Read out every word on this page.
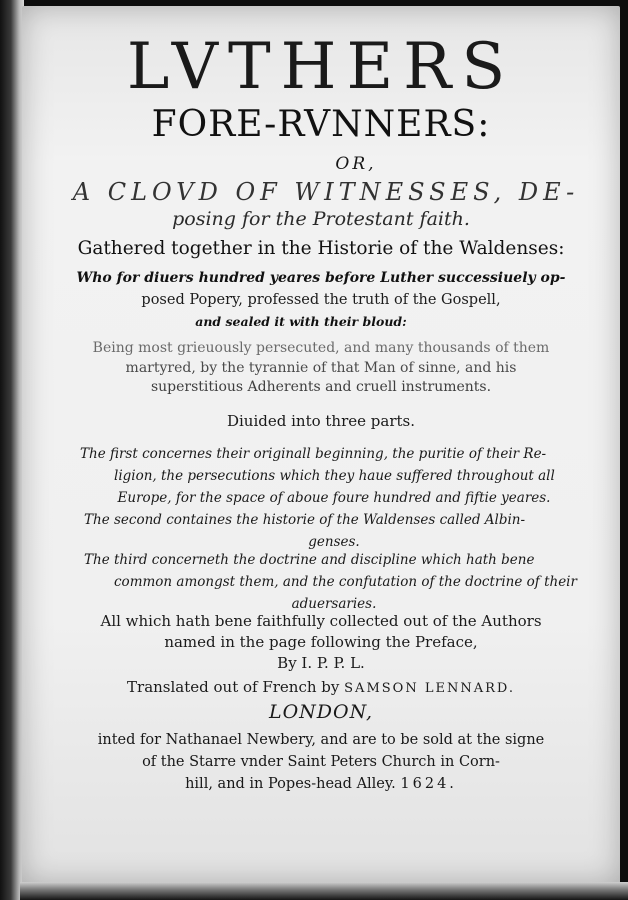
LVTHERS
FORE-RVNNERS:
OR,
A CLOVD OF WITNESSES, DE-
posing for the Protestant faith.
Gathered together in the Historie of the Waldenses:
Who for diuers hundred yeares before Luther successiuely op-
posed Popery, professed the truth of the Gospell,
and sealed it with their bloud:
Being most grieuously persecuted, and many thousands of them
martyred, by the tyrannie of that Man of sinne, and his
superstitious Adherents and cruell instruments.
Diuided into three parts.
The first concernes their originall beginning, the puritie of their Re-
ligion, the persecutions which they haue suffered throughout all
Europe, for the space of aboue foure hundred and fiftie yeares.
The second containes the historie of the Waldenses called Albin-
genses.
The third concerneth the doctrine and discipline which hath bene
common amongst them, and the confutation of the doctrine of their
aduersaries.
All which hath bene faithfully collected out of the Authors
named in the page following the Preface,
By I. P. P. L.
Translated out of French by SAMSON LENNARD.
LONDON,
inted for Nathanael Newbery, and are to be sold at the signe
of the Starre vnder Saint Peters Church in Corn-
hill, and in Popes-head Alley. 1624.
